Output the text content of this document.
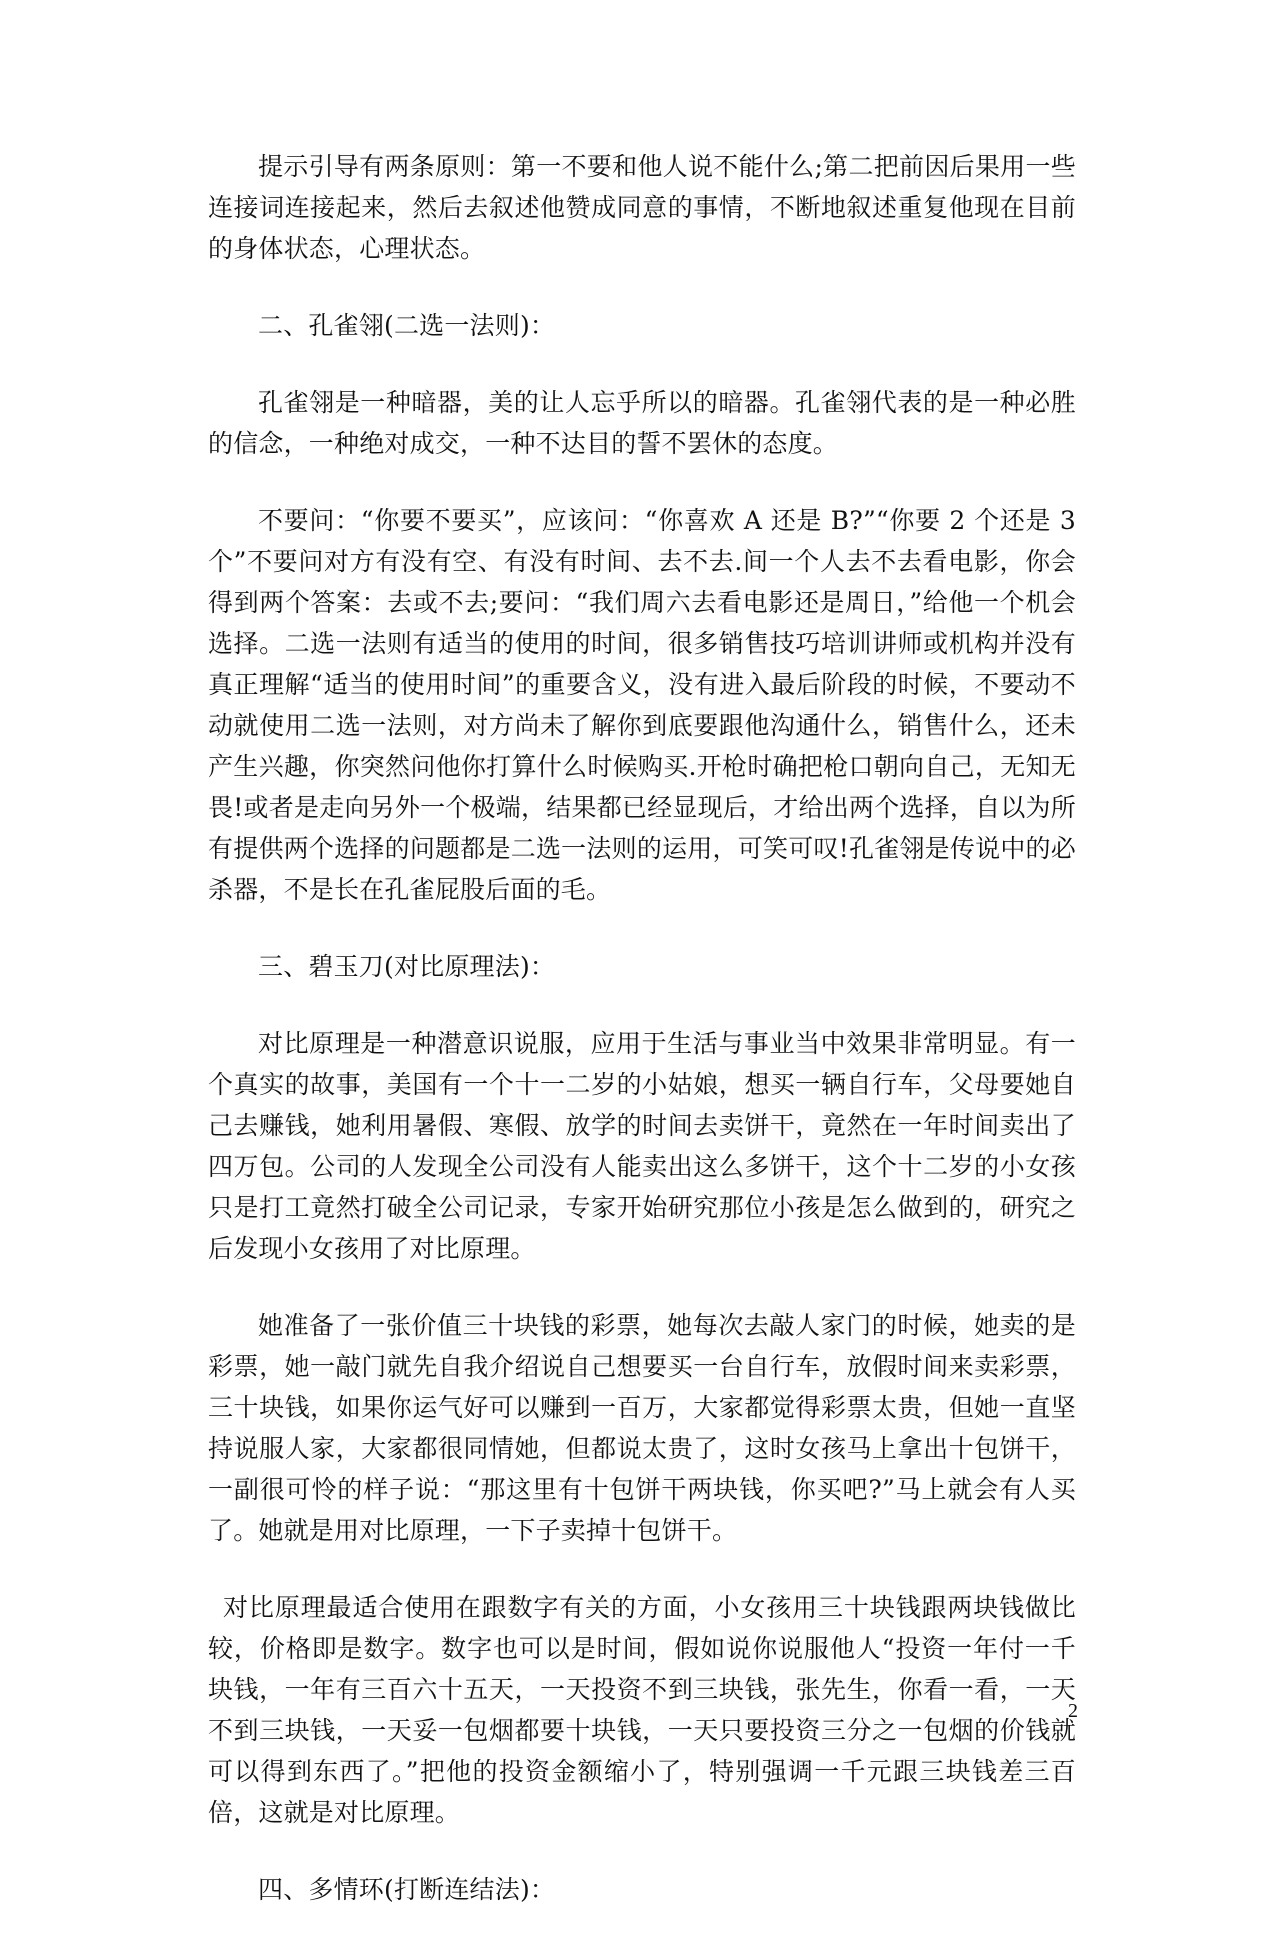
提示引导有两条原则：第一不要和他人说不能什么;第二把前因后果用一些连接词连接起来，然后去叙述他赞成同意的事情，不断地叙述重复他现在目前的身体状态，心理状态。

二、孔雀翎(二选一法则)：

孔雀翎是一种暗器，美的让人忘乎所以的暗器。孔雀翎代表的是一种必胜的信念，一种绝对成交，一种不达目的誓不罢休的态度。

不要问：“你要不要买”，应该问：“你喜欢 A 还是 B?”“你要 2 个还是 3 个”不要问对方有没有空、有没有时间、去不去.间一个人去不去看电影，你会得到两个答案：去或不去;要问：“我们周六去看电影还是周日，”给他一个机会选择。二选一法则有适当的使用的时间，很多销售技巧培训讲师或机构并没有真正理解“适当的使用时间”的重要含义，没有进入最后阶段的时候，不要动不动就使用二选一法则，对方尚未了解你到底要跟他沟通什么，销售什么，还未产生兴趣，你突然问他你打算什么时候购买.开枪时确把枪口朝向自己，无知无畏!或者是走向另外一个极端，结果都已经显现后，才给出两个选择，自以为所有提供两个选择的问题都是二选一法则的运用，可笑可叹!孔雀翎是传说中的必杀器，不是长在孔雀屁股后面的毛。

三、碧玉刀(对比原理法)：

对比原理是一种潜意识说服，应用于生活与事业当中效果非常明显。有一个真实的故事，美国有一个十一二岁的小姑娘，想买一辆自行车，父母要她自己去赚钱，她利用暑假、寒假、放学的时间去卖饼干，竟然在一年时间卖出了四万包。公司的人发现全公司没有人能卖出这么多饼干，这个十二岁的小女孩只是打工竟然打破全公司记录，专家开始研究那位小孩是怎么做到的，研究之后发现小女孩用了对比原理。

她准备了一张价值三十块钱的彩票，她每次去敲人家门的时候，她卖的是彩票，她一敲门就先自我介绍说自己想要买一台自行车，放假时间来卖彩票，三十块钱，如果你运气好可以赚到一百万，大家都觉得彩票太贵，但她一直坚持说服人家，大家都很同情她，但都说太贵了，这时女孩马上拿出十包饼干，一副很可怜的样子说：“那这里有十包饼干两块钱，你买吧?”马上就会有人买了。她就是用对比原理，一下子卖掉十包饼干。

对比原理最适合使用在跟数字有关的方面，小女孩用三十块钱跟两块钱做比较，价格即是数字。数字也可以是时间，假如说你说服他人“投资一年付一千块钱，一年有三百六十五天，一天投资不到三块钱，张先生，你看一看，一天不到三块钱，一天妥一包烟都要十块钱，一天只要投资三分之一包烟的价钱就可以得到东西了。”把他的投资金额缩小了，特别强调一千元跟三块钱差三百倍，这就是对比原理。

四、多情环(打断连结法)：

2
